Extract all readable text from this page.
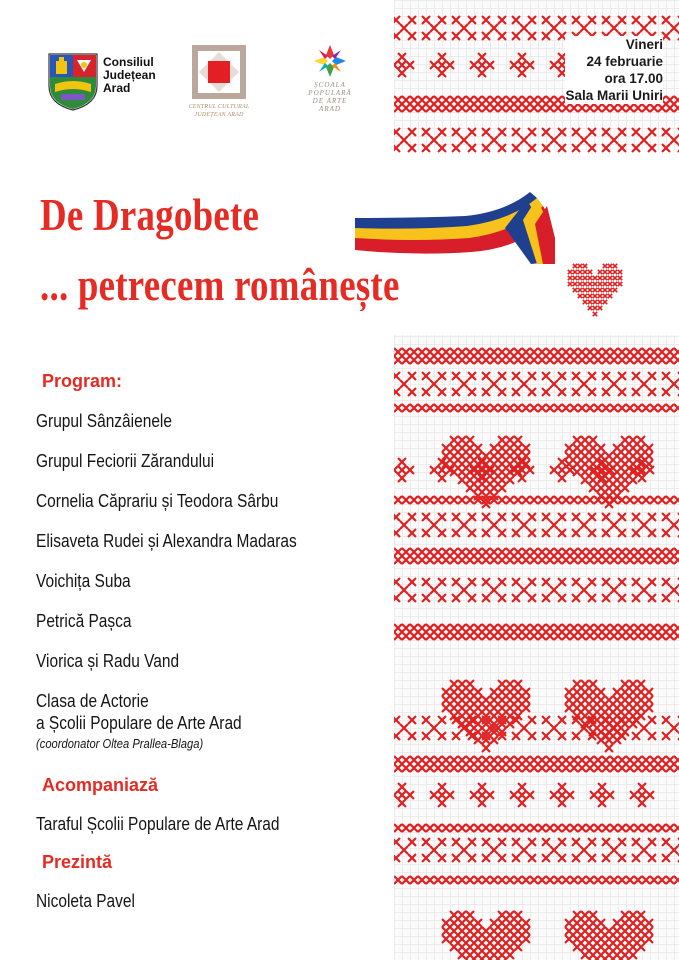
Consiliul
Județean
Arad
CENTRUL CULTURAL
JUDEȚEAN ARAD
ȘCOALA
POPULARĂ
DE ARTE
ARAD
Vineri
24 februarie
ora 17.00
Sala Marii Uniri
De Dragobete
... petrecem românește
Program:
Grupul Sânzâienele
Grupul Feciorii Zărandului
Cornelia Căprariu și Teodora Sârbu
Elisaveta Rudei și Alexandra Madaras
Voichița Suba
Petrică Pașca
Viorica și Radu Vand
Clasa de Actorie
a Școlii Populare de Arte Arad
(coordonator Oltea Prallea-Blaga)
Acompaniază
Taraful Școlii Populare de Arte Arad
Prezintă
Nicoleta Pavel
